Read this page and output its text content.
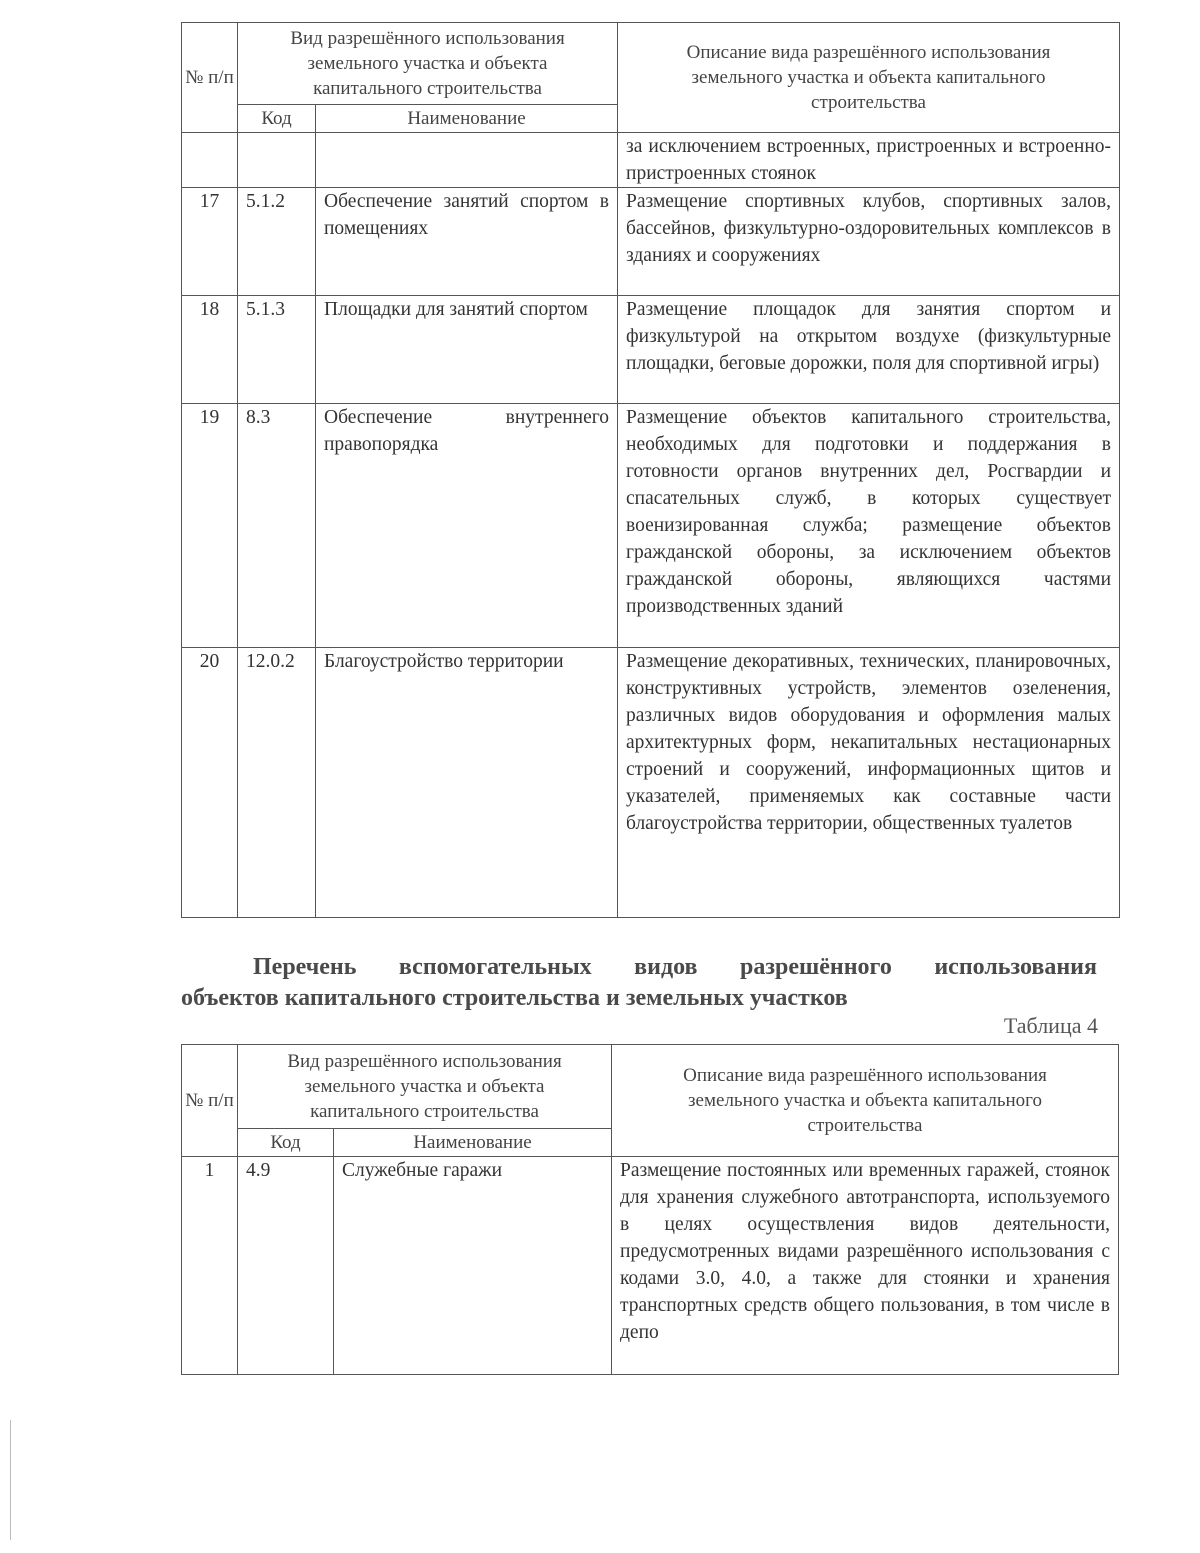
№ п/п	Вид разрешённого использования земельного участка и объекта капитального строительства		Описание вида разрешённого использования земельного участка и объекта капитального строительства
	Код	Наименование	
			за исключением встроенных, пристроенных и встроенно-пристроенных стоянок
17	5.1.2	Обеспечение занятий спортом в помещениях	Размещение спортивных клубов, спортивных залов, бассейнов, физкультурно-оздоровительных комплексов в зданиях и сооружениях
18	5.1.3	Площадки для занятий спортом	Размещение площадок для занятия спортом и физкультурой на открытом воздухе (физкультурные площадки, беговые дорожки, поля для спортивной игры)
19	8.3	Обеспечение внутреннего правопорядка	Размещение объектов капитального строительства, необходимых для подготовки и поддержания в готовности органов внутренних дел, Росгвардии и спасательных служб, в которых существует военизированная служба; размещение объектов гражданской обороны, за исключением объектов гражданской обороны, являющихся частями производственных зданий
20	12.0.2	Благоустройство территории	Размещение декоративных, технических, планировочных, конструктивных устройств, элементов озеленения, различных видов оборудования и оформления малых архитектурных форм, некапитальных нестационарных строений и сооружений, информационных щитов и указателей, применяемых как составные части благоустройства территории, общественных туалетов
Перечень вспомогательных видов разрешённого использования
объектов капитального строительства и земельных участков
Таблица 4
№ п/п	Вид разрешённого использования земельного участка и объекта капитального строительства		Описание вида разрешённого использования земельного участка и объекта капитального строительства
	Код	Наименование	
1	4.9	Служебные гаражи	Размещение постоянных или временных гаражей, стоянок для хранения служебного автотранспорта, используемого в целях осуществления видов деятельности, предусмотренных видами разрешённого использования с кодами 3.0, 4.0, а также для стоянки и хранения транспортных средств общего пользования, в том числе в депо
